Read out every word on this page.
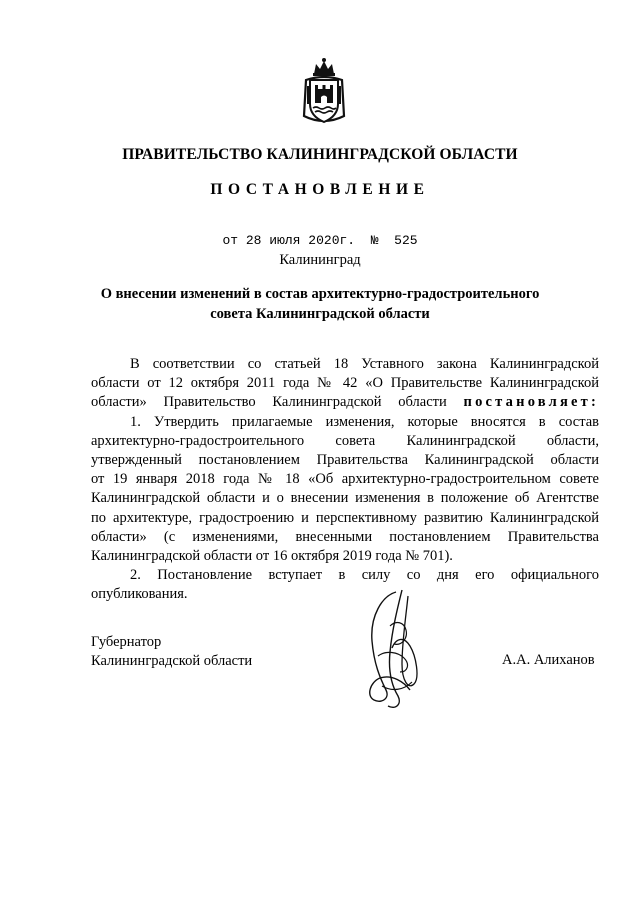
ПРАВИТЕЛЬСТВО КАЛИНИНГРАДСКОЙ ОБЛАСТИ
ПОСТАНОВЛЕНИЕ
от 28 июля 2020г. № 525
Калининград
О внесении изменений в состав архитектурно-градостроительного
совета Калининградской области
В соответствии со статьей 18 Уставного закона Калининградской
области от 12 октября 2011 года № 42 «О Правительстве Калининградской
области» Правительство Калининградской области постановляет:
1. Утвердить прилагаемые изменения, которые вносятся в состав
архитектурно-градостроительного совета Калининградской области,
утвержденный постановлением Правительства Калининградской области
от 19 января 2018 года № 18 «Об архитектурно-градостроительном совете
Калининградской области и о внесении изменения в положение об Агентстве
по архитектуре, градостроению и перспективному развитию Калининградской
области» (с изменениями, внесенными постановлением Правительства
Калининградской области от 16 октября 2019 года № 701).
2. Постановление вступает в силу со дня его официального
опубликования.
Губернатор
Калининградской области	А.А. Алиханов
